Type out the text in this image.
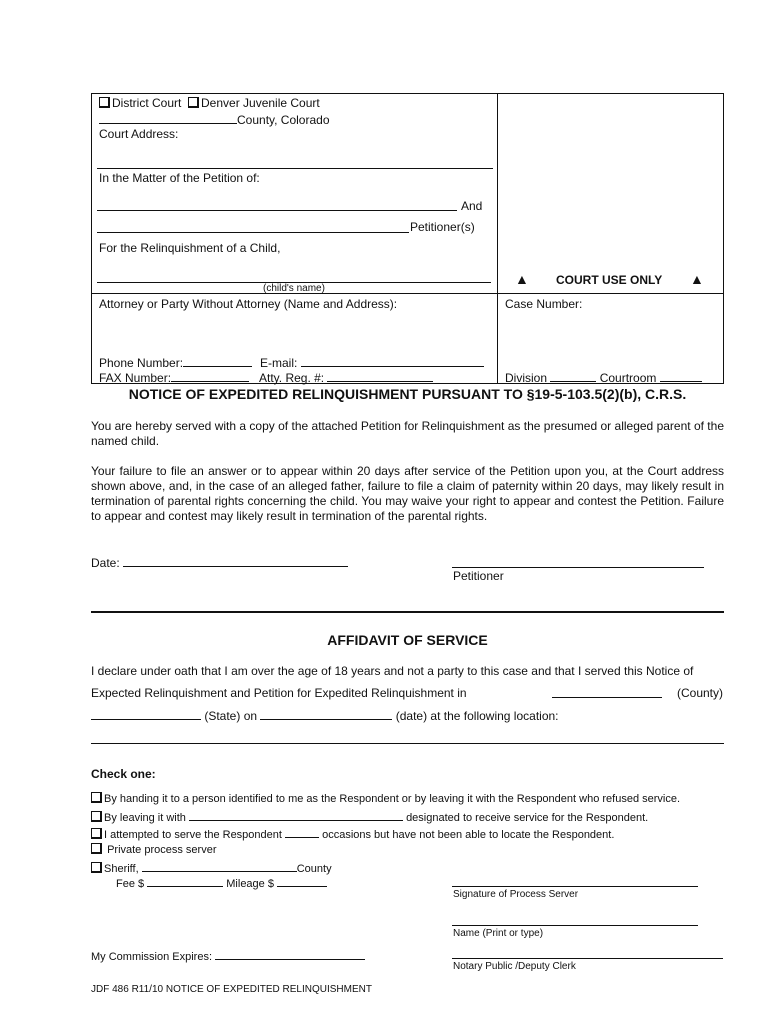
District Court Denver Juvenile Court
County, Colorado
Court Address:
In the Matter of the Petition of:
And
Petitioner(s)
For the Relinquishment of a Child,
(child's name)
▲ COURT USE ONLY ▲
Attorney or Party Without Attorney (Name and Address):	Case Number:
Phone Number:	E-mail:
FAX Number:	Atty. Reg. #:	Division	Courtroom
NOTICE OF EXPEDITED RELINQUISHMENT PURSUANT TO §19-5-103.5(2)(b), C.R.S.
You are hereby served with a copy of the attached Petition for Relinquishment as the presumed or alleged parent of the named child.
Your failure to file an answer or to appear within 20 days after service of the Petition upon you, at the Court address shown above, and, in the case of an alleged father, failure to file a claim of paternity within 20 days, may likely result in termination of parental rights concerning the child. You may waive your right to appear and contest the Petition. Failure to appear and contest may likely result in termination of the parental rights.
Date:
Petitioner
AFFIDAVIT OF SERVICE
I declare under oath that I am over the age of 18 years and not a party to this case and that I served this Notice of
Expected Relinquishment and Petition for Expedited Relinquishment in	(County)
(State) on	(date) at the following location:
Check one:
By handing it to a person identified to me as the Respondent or by leaving it with the Respondent who refused service.
By leaving it with	designated to receive service for the Respondent.
I attempted to serve the Respondent	occasions but have not been able to locate the Respondent.
Private process server
Sheriff,	County
Fee $	Mileage $
Signature of Process Server
Name (Print or type)
My Commission Expires:
Notary Public /Deputy Clerk
JDF 486 R11/10 NOTICE OF EXPEDITED RELINQUISHMENT
